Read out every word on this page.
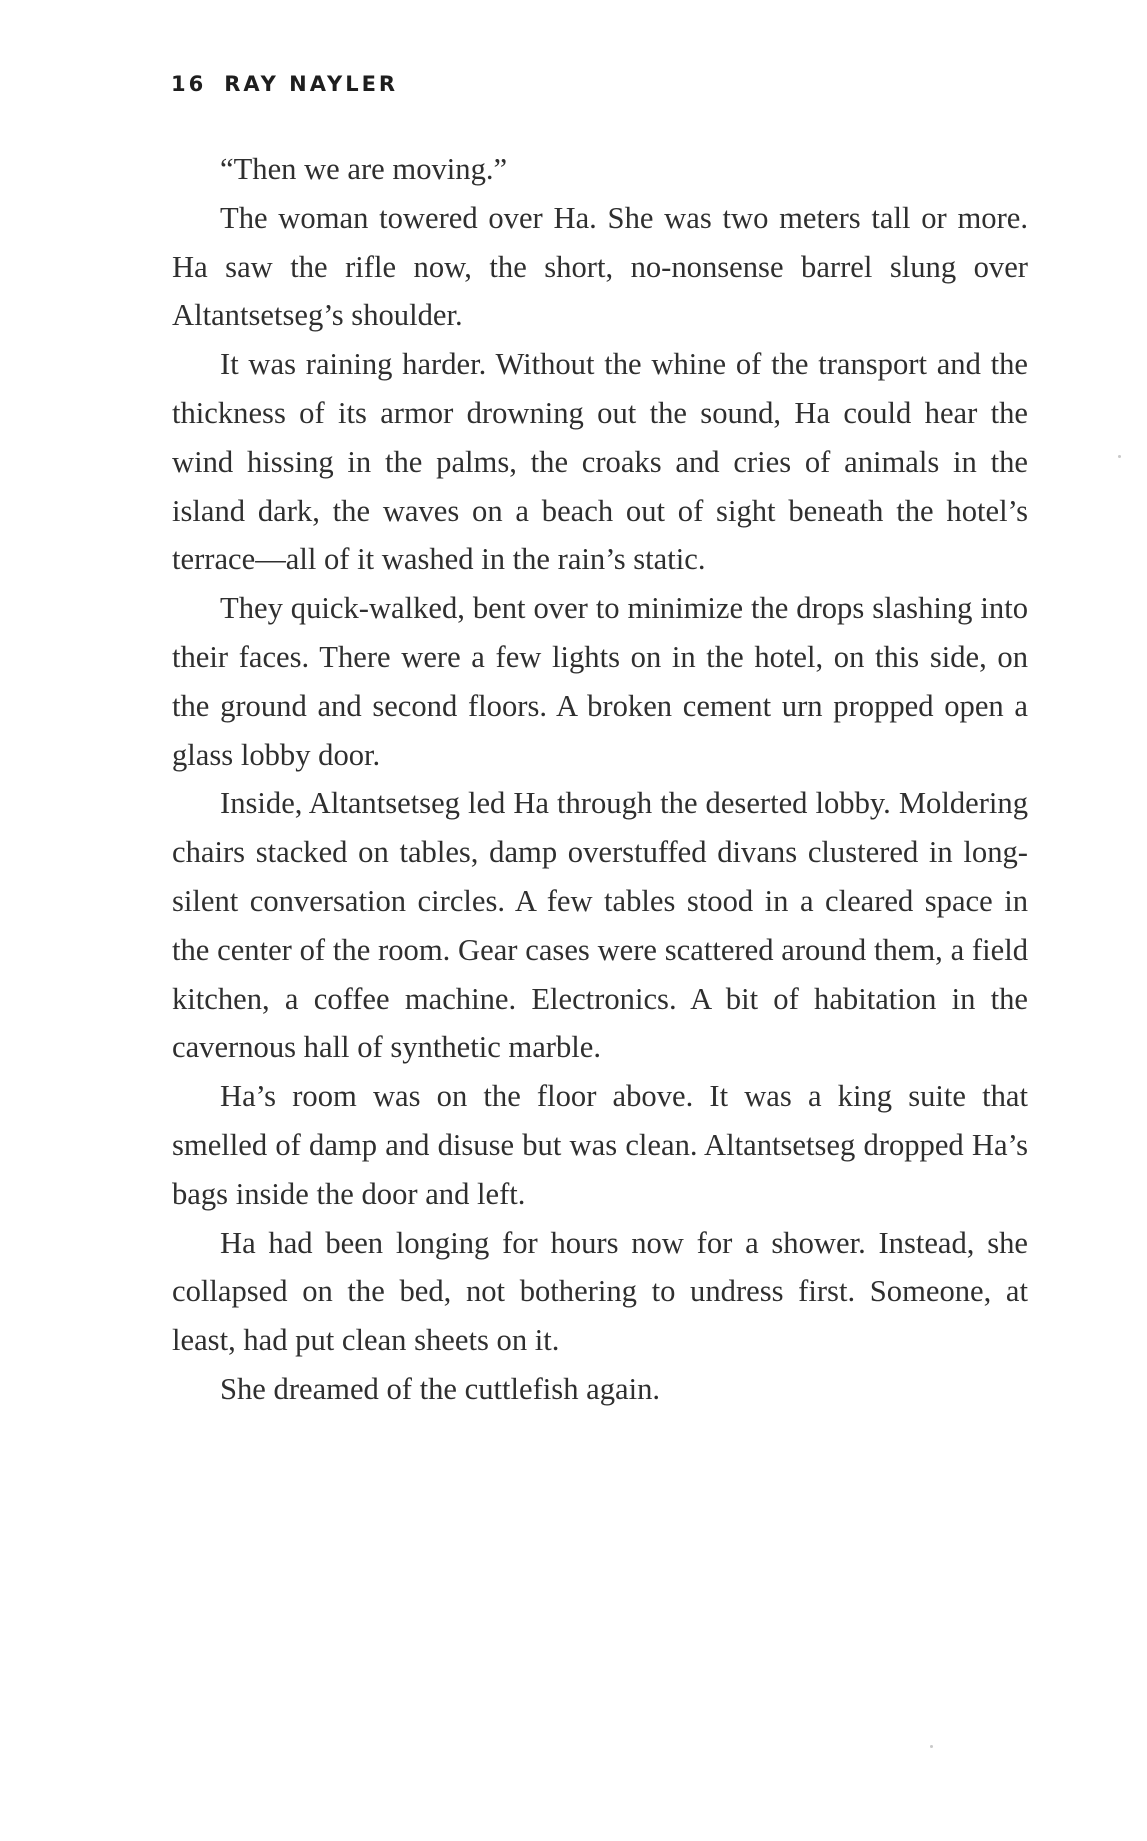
16 RAY NAYLER

“Then we are moving.”

The woman towered over Ha. She was two meters tall or more. Ha saw the rifle now, the short, no-nonsense barrel slung over Altantsetseg’s shoulder.

It was raining harder. Without the whine of the transport and the thickness of its armor drowning out the sound, Ha could hear the wind hissing in the palms, the croaks and cries of animals in the island dark, the waves on a beach out of sight beneath the hotel’s terrace—all of it washed in the rain’s static.

They quick-walked, bent over to minimize the drops slashing into their faces. There were a few lights on in the hotel, on this side, on the ground and second floors. A broken cement urn propped open a glass lobby door.

Inside, Altantsetseg led Ha through the deserted lobby. Moldering chairs stacked on tables, damp overstuffed divans clustered in long-silent conversation circles. A few tables stood in a cleared space in the center of the room. Gear cases were scattered around them, a field kitchen, a coffee machine. Electronics. A bit of habitation in the cavernous hall of synthetic marble.

Ha’s room was on the floor above. It was a king suite that smelled of damp and disuse but was clean. Altantsetseg dropped Ha’s bags inside the door and left.

Ha had been longing for hours now for a shower. Instead, she collapsed on the bed, not bothering to undress first. Someone, at least, had put clean sheets on it.

She dreamed of the cuttlefish again.
